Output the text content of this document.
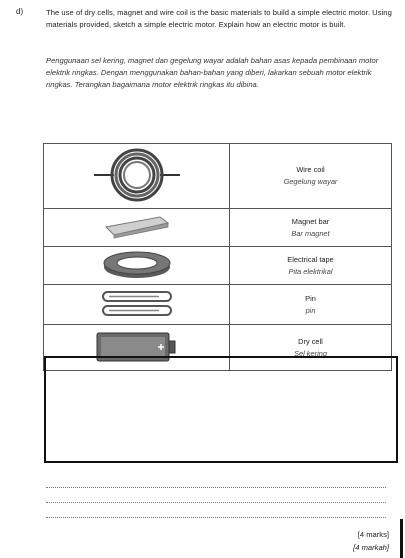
d)	The use of dry cells, magnet and wire coil is the basic materials to build a simple electric motor. Using materials provided, sketch a simple electric motor. Explain how an electric motor is built.
Penggunaan sel kering, magnet dan gegelung wayar adalah bahan asas kepada pembinaan motor elektrik ringkas. Dengan menggunakan bahan-bahan yang diberi, lakarkan sebuah motor elektrik ringkas. Terangkan bagaimana motor elektrik ringkas itu dibina.

Wire coil
Gegelung wayar

Magnet bar
Bar magnet

Electrical tape
Pita elektrikal

Pin
pin

Dry cell
Sel kering
[4 marks]
[4 markah]
